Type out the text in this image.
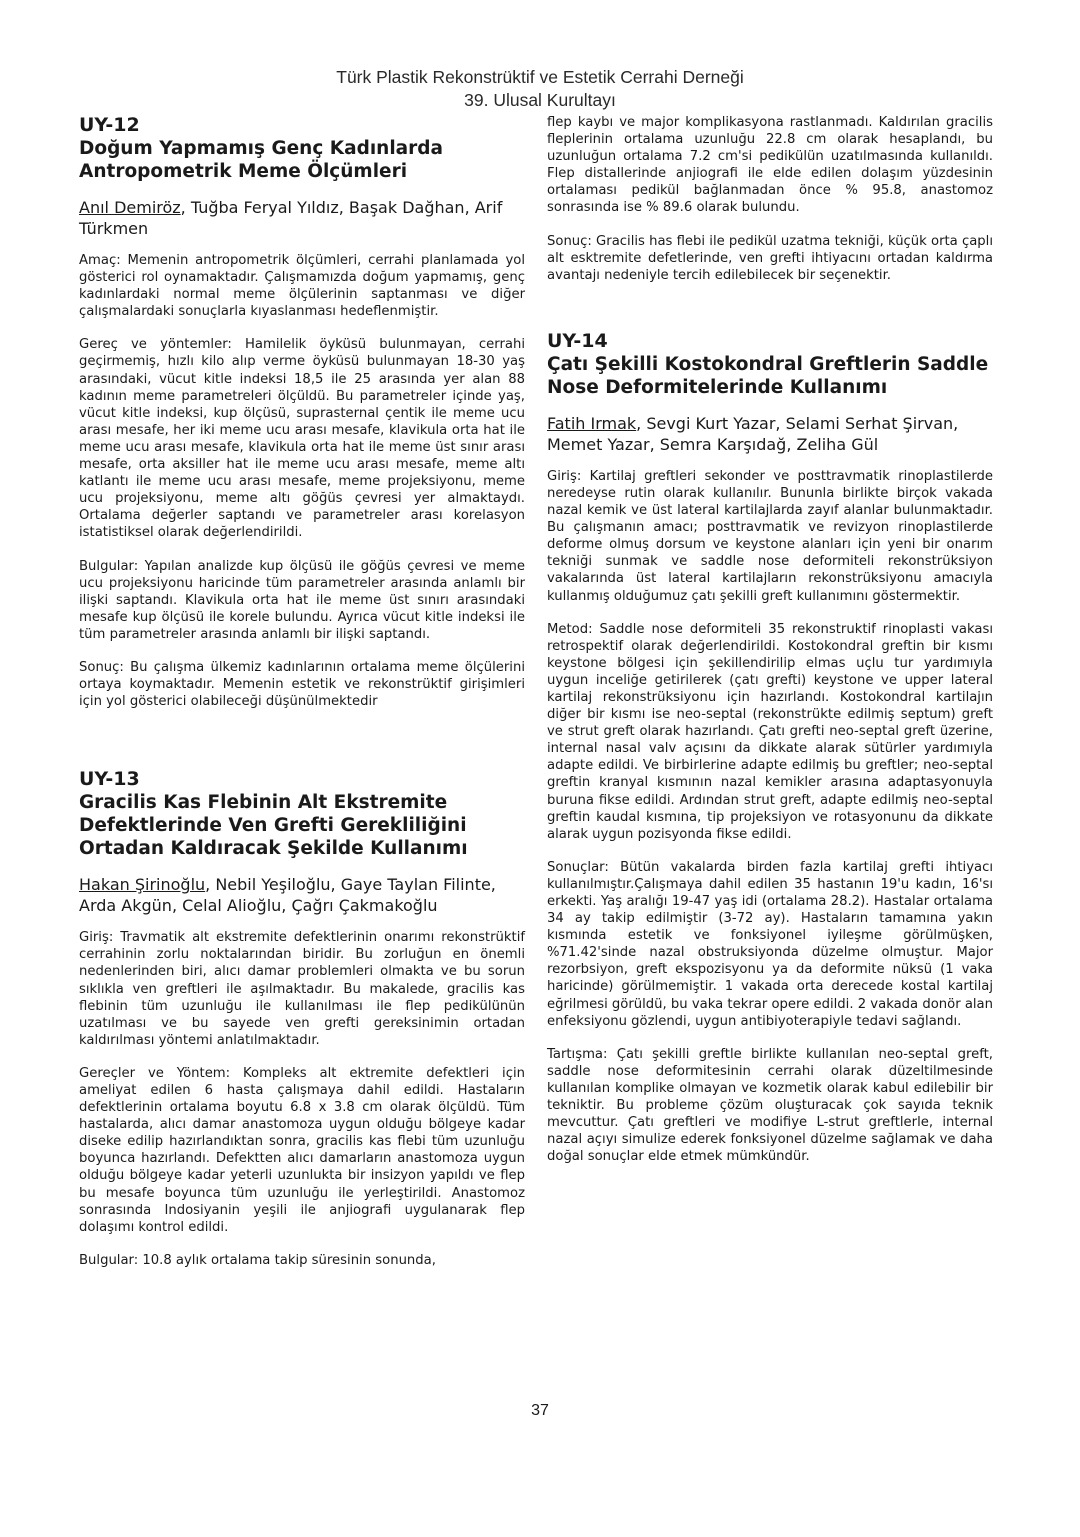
Türk Plastik Rekonstrüktif ve Estetik Cerrahi Derneği
39. Ulusal Kurultayı
UY-12
Doğum Yapmamış Genç Kadınlarda Antropometrik Meme Ölçümleri
Anıl Demiröz, Tuğba Feryal Yıldız, Başak Dağhan, Arif Türkmen

Amaç: Memenin antropometrik ölçümleri, cerrahi planlamada yol gösterici rol oynamaktadır. Çalışmamızda doğum yapmamış, genç kadınlardaki normal meme ölçülerinin saptanması ve diğer çalışmalardaki sonuçlarla kıyaslanması hedeflenmiştir.

Gereç ve yöntemler: Hamilelik öyküsü bulunmayan, cerrahi geçirmemiş, hızlı kilo alıp verme öyküsü bulunmayan 18-30 yaş arasındaki, vücut kitle indeksi 18,5 ile 25 arasında yer alan 88 kadının meme parametreleri ölçüldü. Bu parametreler içinde yaş, vücut kitle indeksi, kup ölçüsü, suprasternal çentik ile meme ucu arası mesafe, her iki meme ucu arası mesafe, klavikula orta hat ile meme ucu arası mesafe, klavikula orta hat ile meme üst sınır arası mesafe, orta aksiller hat ile meme ucu arası mesafe, meme altı katlantı ile meme ucu arası mesafe, meme projeksiyonu, meme ucu projeksiyonu, meme altı göğüs çevresi yer almaktaydı. Ortalama değerler saptandı ve parametreler arası korelasyon istatistiksel olarak değerlendirildi.

Bulgular: Yapılan analizde kup ölçüsü ile göğüs çevresi ve meme ucu projeksiyonu haricinde tüm parametreler arasında anlamlı bir ilişki saptandı. Klavikula orta hat ile meme üst sınırı arasındaki mesafe kup ölçüsü ile korele bulundu. Ayrıca vücut kitle indeksi ile tüm parametreler arasında anlamlı bir ilişki saptandı.

Sonuç: Bu çalışma ülkemiz kadınlarının ortalama meme ölçülerini ortaya koymaktadır. Memenin estetik ve rekonstrüktif girişimleri için yol gösterici olabileceği düşünülmektedir

UY-13
Gracilis Kas Flebinin Alt Ekstremite Defektlerinde Ven Grefti Gerekliliğini Ortadan Kaldıracak Şekilde Kullanımı
Hakan Şirinoğlu, Nebil Yeşiloğlu, Gaye Taylan Filinte, Arda Akgün, Celal Alioğlu, Çağrı Çakmakoğlu

Giriş: Travmatik alt ekstremite defektlerinin onarımı rekonstrüktif cerrahinin zorlu noktalarından biridir. Bu zorluğun en önemli nedenlerinden biri, alıcı damar problemleri olmakta ve bu sorun sıklıkla ven greftleri ile aşılmaktadır. Bu makalede, gracilis kas flebinin tüm uzunluğu ile kullanılması ile flep pedikülünün uzatılması ve bu sayede ven grefti gereksinimin ortadan kaldırılması yöntemi anlatılmaktadır.

Gereçler ve Yöntem: Kompleks alt ektremite defektleri için ameliyat edilen 6 hasta çalışmaya dahil edildi. Hastaların defektlerinin ortalama boyutu 6.8 x 3.8 cm olarak ölçüldü. Tüm hastalarda, alıcı damar anastomoza uygun olduğu bölgeye kadar diseke edilip hazırlandıktan sonra, gracilis kas flebi tüm uzunluğu boyunca hazırlandı. Defektten alıcı damarların anastomoza uygun olduğu bölgeye kadar yeterli uzunlukta bir insizyon yapıldı ve flep bu mesafe boyunca tüm uzunluğu ile yerleştirildi. Anastomoz sonrasında Indosiyanin yeşili ile anjiografi uygulanarak flep dolaşımı kontrol edildi.

Bulgular: 10.8 aylık ortalama takip süresinin sonunda,

flep kaybı ve major komplikasyona rastlanmadı. Kaldırılan gracilis fleplerinin ortalama uzunluğu 22.8 cm olarak hesaplandı, bu uzunluğun ortalama 7.2 cm'si pedikülün uzatılmasında kullanıldı. Flep distallerinde anjiografi ile elde edilen dolaşım yüzdesinin ortalaması pedikül bağlanmadan önce % 95.8, anastomoz sonrasında ise % 89.6 olarak bulundu.

Sonuç: Gracilis has flebi ile pedikül uzatma tekniği, küçük orta çaplı alt esktremite defetlerinde, ven grefti ihtiyacını ortadan kaldırma avantajı nedeniyle tercih edilebilecek bir seçenektir.

UY-14
Çatı Şekilli Kostokondral Greftlerin Saddle Nose Deformitelerinde Kullanımı
Fatih Irmak, Sevgi Kurt Yazar, Selami Serhat Şirvan, Memet Yazar, Semra Karşıdağ, Zeliha Gül

Giriş: Kartilaj greftleri sekonder ve posttravmatik rinoplastilerde neredeyse rutin olarak kullanılır. Bununla birlikte birçok vakada nazal kemik ve üst lateral kartilajlarda zayıf alanlar bulunmaktadır. Bu çalışmanın amacı; posttravmatik ve revizyon rinoplastilerde deforme olmuş dorsum ve keystone alanları için yeni bir onarım tekniği sunmak ve saddle nose deformiteli rekonstrüksiyon vakalarında üst lateral kartilajların rekonstrüksiyonu amacıyla kullanmış olduğumuz çatı şekilli greft kullanımını göstermektir.

Metod: Saddle nose deformiteli 35 rekonstruktif rinoplasti vakası retrospektif olarak değerlendirildi. Kostokondral greftin bir kısmı keystone bölgesi için şekillendirilip elmas uçlu tur yardımıyla uygun inceliğe getirilerek (çatı grefti) keystone ve upper lateral kartilaj rekonstrüksiyonu için hazırlandı. Kostokondral kartilajın diğer bir kısmı ise neo-septal (rekonstrükte edilmiş septum) greft ve strut greft olarak hazırlandı. Çatı grefti neo-septal greft üzerine, internal nasal valv açısını da dikkate alarak sütürler yardımıyla adapte edildi. Ve birbirlerine adapte edilmiş bu greftler; neo-septal greftin kranyal kısmının nazal kemikler arasına adaptasyonuyla buruna fikse edildi. Ardından strut greft, adapte edilmiş neo-septal greftin kaudal kısmına, tip projeksiyon ve rotasyonunu da dikkate alarak uygun pozisyonda fikse edildi.

Sonuçlar: Bütün vakalarda birden fazla kartilaj grefti ihtiyacı kullanılmıştır.Çalışmaya dahil edilen 35 hastanın 19'u kadın, 16'sı erkekti. Yaş aralığı 19-47 yaş idi (ortalama 28.2). Hastalar ortalama 34 ay takip edilmiştir (3-72 ay). Hastaların tamamına yakın kısmında estetik ve fonksiyonel iyileşme görülmüşken, %71.42'sinde nazal obstruksiyonda düzelme olmuştur. Major rezorbsiyon, greft ekspozisyonu ya da deformite nüksü (1 vaka haricinde) görülmemiştir. 1 vakada orta derecede kostal kartilaj eğrilmesi görüldü, bu vaka tekrar opere edildi. 2 vakada donör alan enfeksiyonu gözlendi, uygun antibiyoterapiyle tedavi sağlandı.

Tartışma: Çatı şekilli greftle birlikte kullanılan neo-septal greft, saddle nose deformitesinin cerrahi olarak düzeltilmesinde kullanılan komplike olmayan ve kozmetik olarak kabul edilebilir bir tekniktir. Bu probleme çözüm oluşturacak çok sayıda teknik mevcuttur. Çatı greftleri ve modifiye L-strut greftlerle, internal nazal açıyı simulize ederek fonksiyonel düzelme sağlamak ve daha doğal sonuçlar elde etmek mümkündür.

37
